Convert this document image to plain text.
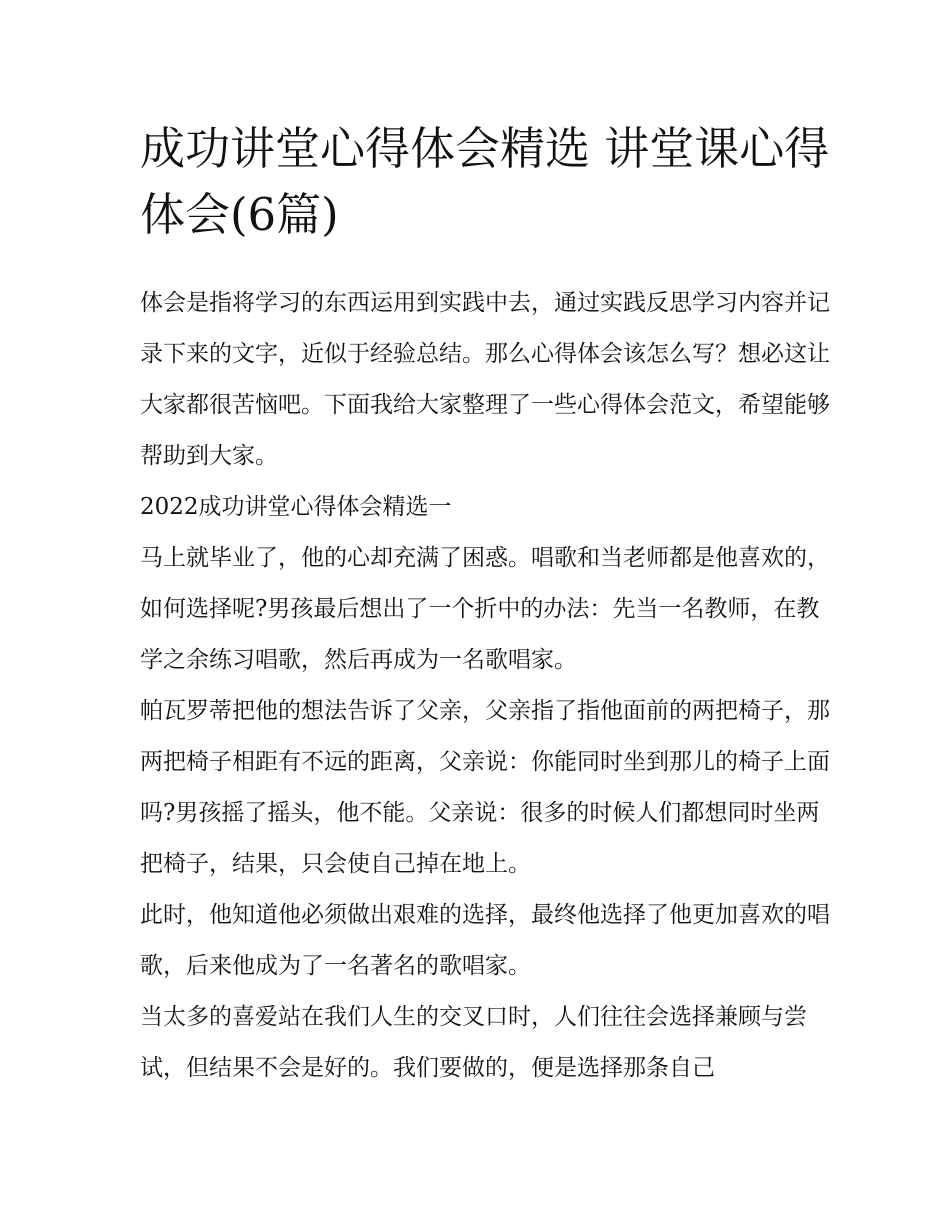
成功讲堂心得体会精选 讲堂课心得体会(6篇)

体会是指将学习的东西运用到实践中去，通过实践反思学习内容并记录下来的文字，近似于经验总结。那么心得体会该怎么写？想必这让大家都很苦恼吧。下面我给大家整理了一些心得体会范文，希望能够帮助到大家。

2022成功讲堂心得体会精选一

马上就毕业了，他的心却充满了困惑。唱歌和当老师都是他喜欢的，如何选择呢?男孩最后想出了一个折中的办法：先当一名教师，在教学之余练习唱歌，然后再成为一名歌唱家。

帕瓦罗蒂把他的想法告诉了父亲，父亲指了指他面前的两把椅子，那两把椅子相距有不远的距离，父亲说：你能同时坐到那儿的椅子上面吗?男孩摇了摇头，他不能。父亲说：很多的时候人们都想同时坐两把椅子，结果，只会使自己掉在地上。

此时，他知道他必须做出艰难的选择，最终他选择了他更加喜欢的唱歌，后来他成为了一名著名的歌唱家。

当太多的喜爱站在我们人生的交叉口时，人们往往会选择兼顾与尝试，但结果不会是好的。我们要做的，便是选择那条自己
